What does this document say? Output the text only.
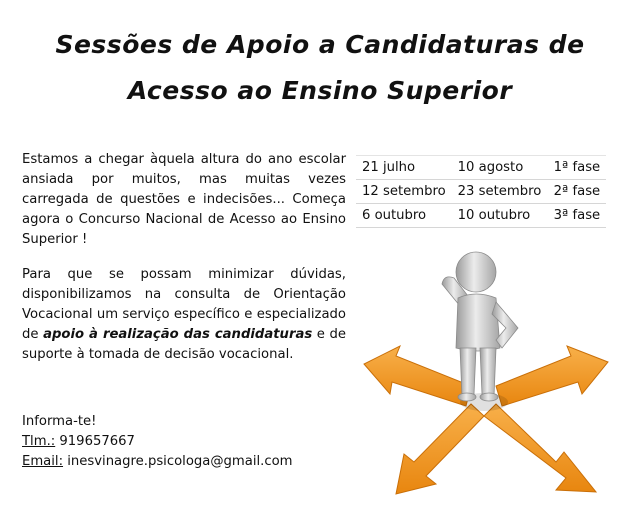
Sessões de Apoio a Candidaturas de
Acesso ao Ensino Superior
Estamos a chegar àquela altura do ano escolar ansiada por muitos, mas muitas vezes carregada de questões e indecisões... Começa agora o Concurso Nacional de Acesso ao Ensino Superior !
Para que se possam minimizar dúvidas, disponibilizamos na consulta de Orientação Vocacional um serviço específico e especializado de apoio à realização das candidaturas e de suporte à tomada de decisão vocacional.
Informa-te!
Tlm.: 919657667
Email: inesvinagre.psicologa@gmail.com
21 julho	10 agosto	1ª fase
12 setembro	23 setembro	2ª fase
6 outubro	10 outubro	3ª fase
